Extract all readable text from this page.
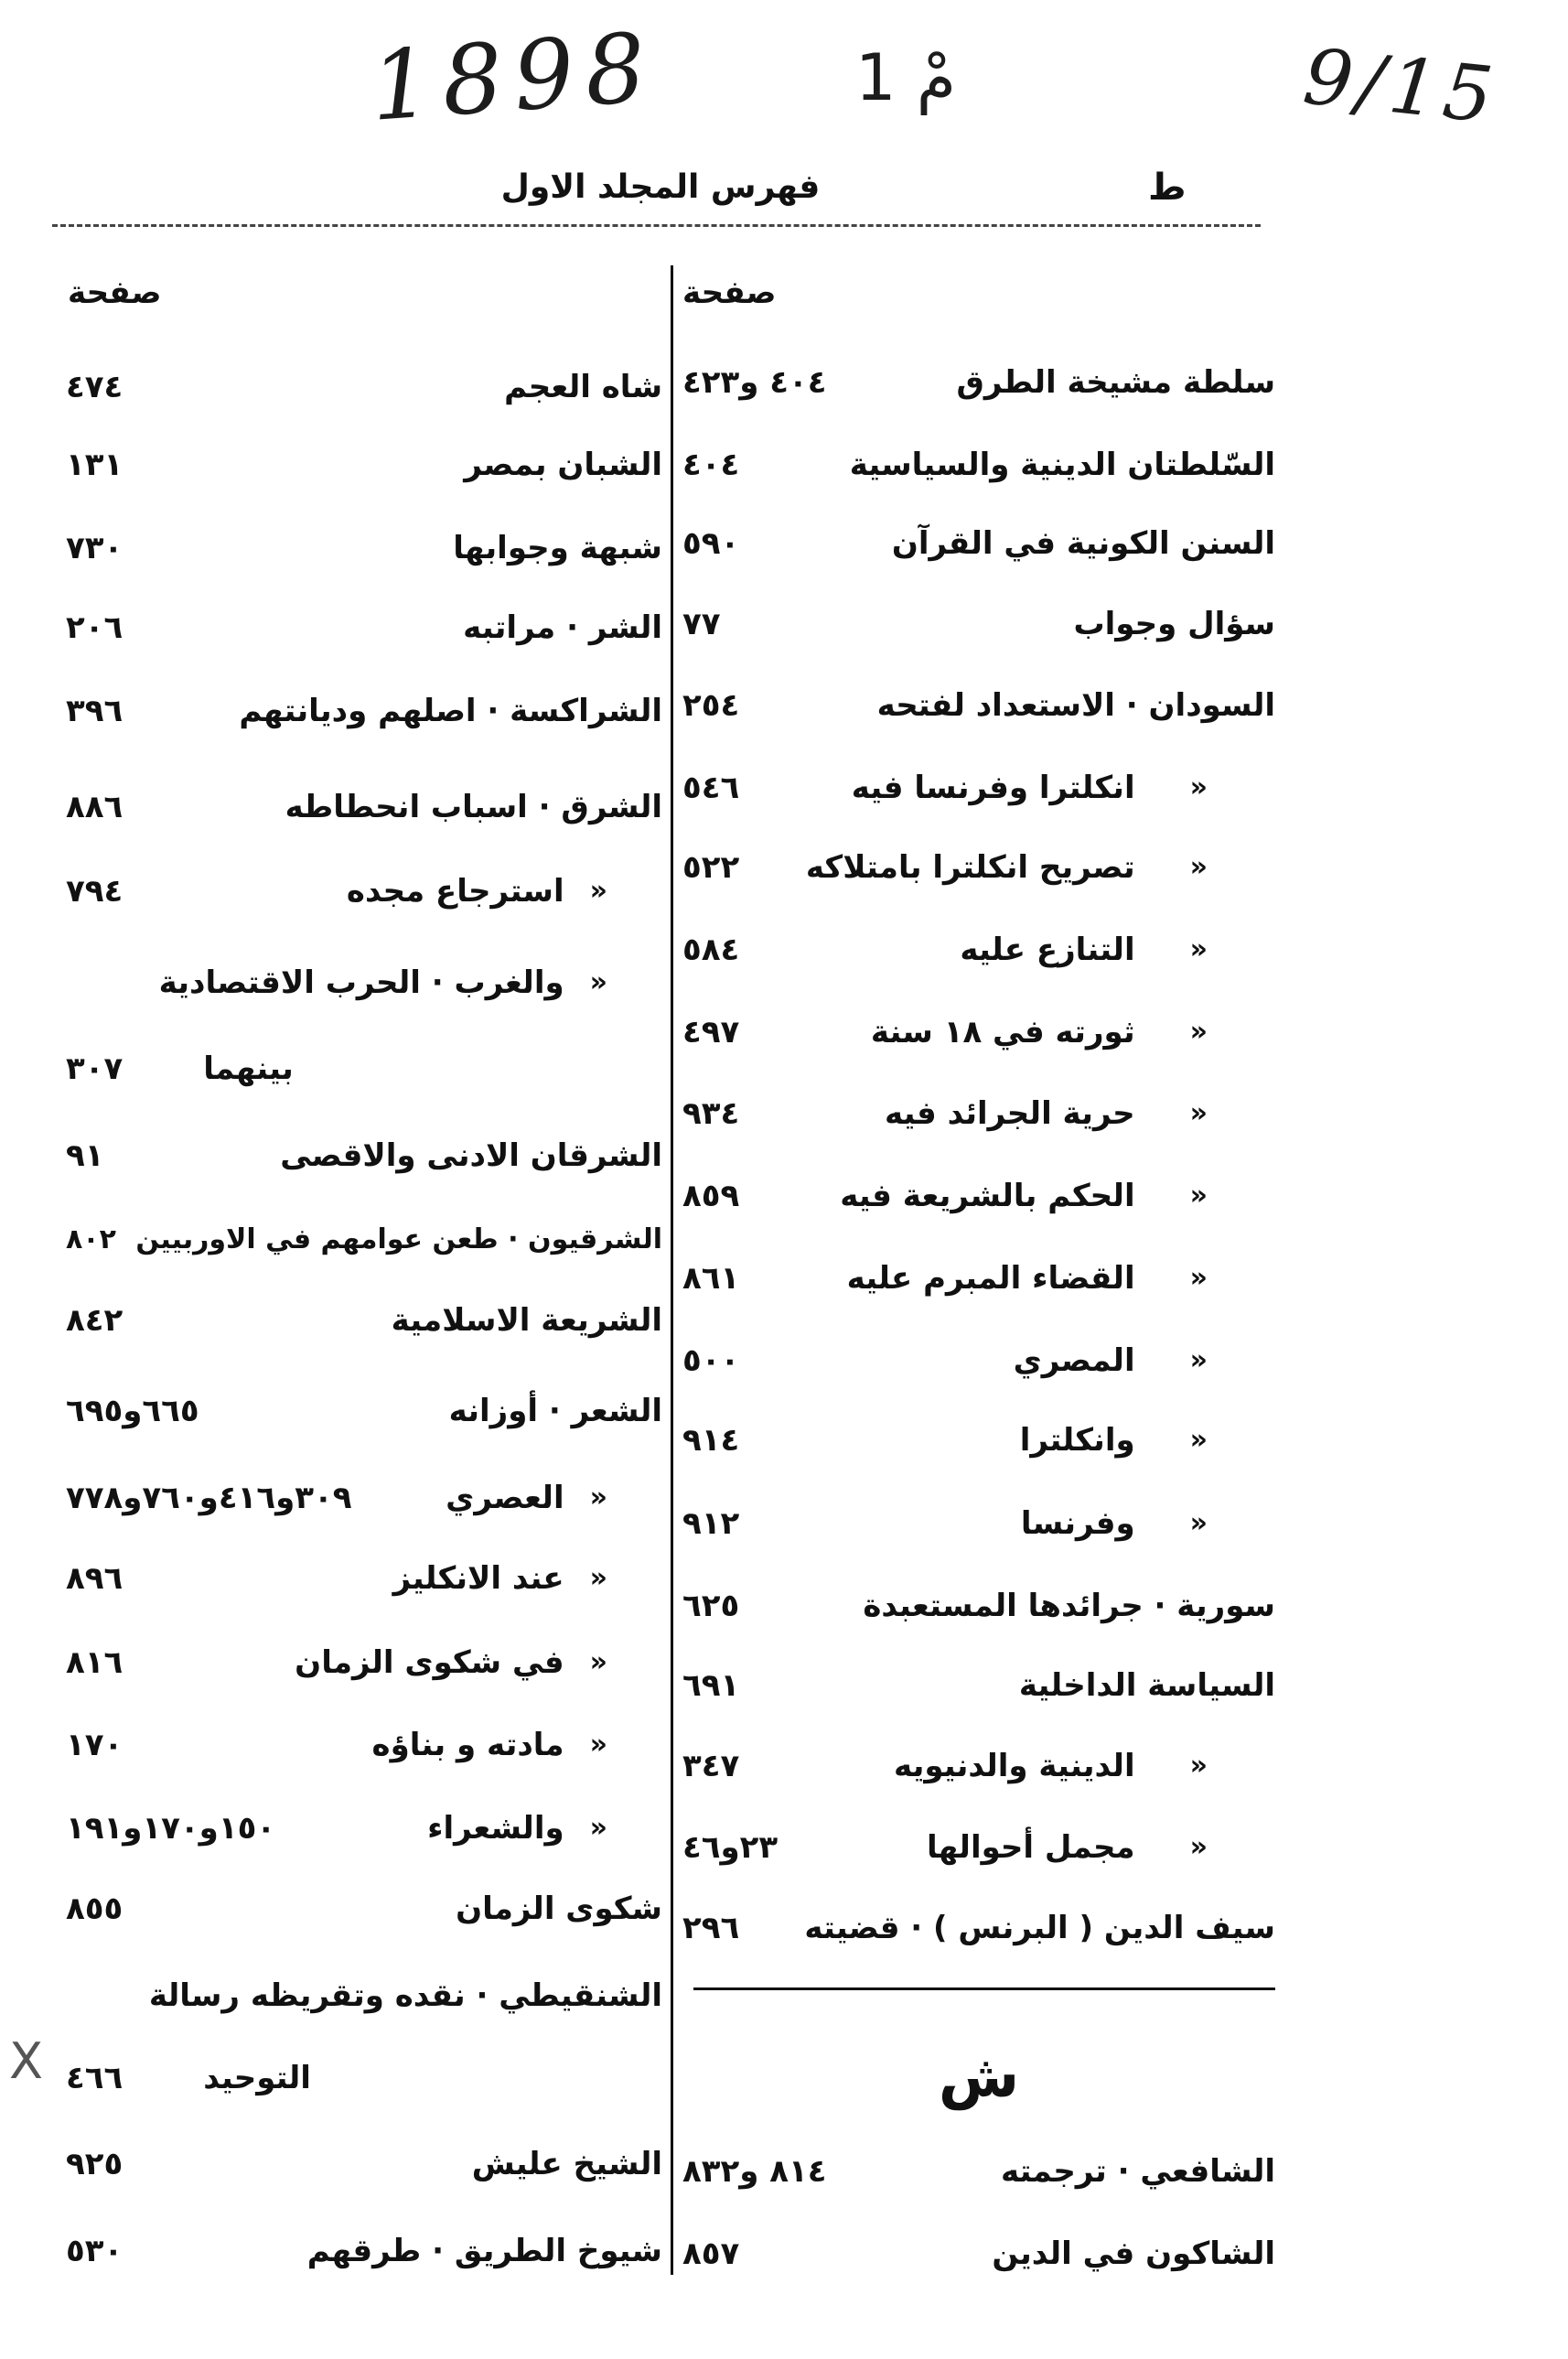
1898	1 مْ	9/15
X
ط
فهرس المجلد الاول
صفحة
صفحة
سلطة مشيخة الطرق
٤٠٤ و٤٢٣
السّلطتان الدينية والسياسية
٤٠٤
السنن الكونية في القرآن
٥٩٠
سؤال وجواب
٧٧
السودان · الاستعداد لفتحه
٢٥٤
»
انكلترا وفرنسا فيه
٥٤٦
»
تصريح انكلترا بامتلاكه
٥٢٢
»
التنازع عليه
٥٨٤
»
ثورته في ١٨ سنة
٤٩٧
»
حرية الجرائد فيه
٩٣٤
»
الحكم بالشريعة فيه
٨٥٩
»
القضاء المبرم عليه
٨٦١
»
المصري
٥٠٠
»
وانكلترا
٩١٤
»
وفرنسا
٩١٢
سورية · جرائدها المستعبدة
٦٢٥
السياسة الداخلية
٦٩١
»
الدينية والدنيويه
٣٤٧
»
مجمل أحوالها
٢٣و٤٦
سيف الدين ( البرنس ) · قضيته
٢٩٦
ش
الشافعي · ترجمته
٨١٤ و٨٣٢
الشاكون في الدين
٨٥٧
شاه العجم
٤٧٤
الشبان بمصر
١٣١
شبهة وجوابها
٧٣٠
الشر · مراتبه
٢٠٦
الشراكسة · اصلهم وديانتهم
٣٩٦
الشرق · اسباب انحطاطه
٨٨٦
»
استرجاع مجده
٧٩٤
»
والغرب · الحرب الاقتصادية
بينهما
٣٠٧
الشرقان الادنى والاقصى
٩١
الشرقيون · طعن عوامهم في الاوربيين
٨٠٢
الشريعة الاسلامية
٨٤٢
الشعر · أوزانه
٦٦٥و٦٩٥
»
العصري
٣٠٩و٤١٦و٧٦٠و٧٧٨
»
عند الانكليز
٨٩٦
»
في شكوى الزمان
٨١٦
»
مادته و بناؤه
١٧٠
»
والشعراء
١٥٠و١٧٠و١٩١
شكوى الزمان
٨٥٥
الشنقيطي · نقده وتقريظه رسالة
التوحيد
٤٦٦
الشيخ عليش
٩٢٥
شيوخ الطريق · طرقهم
٥٣٠
